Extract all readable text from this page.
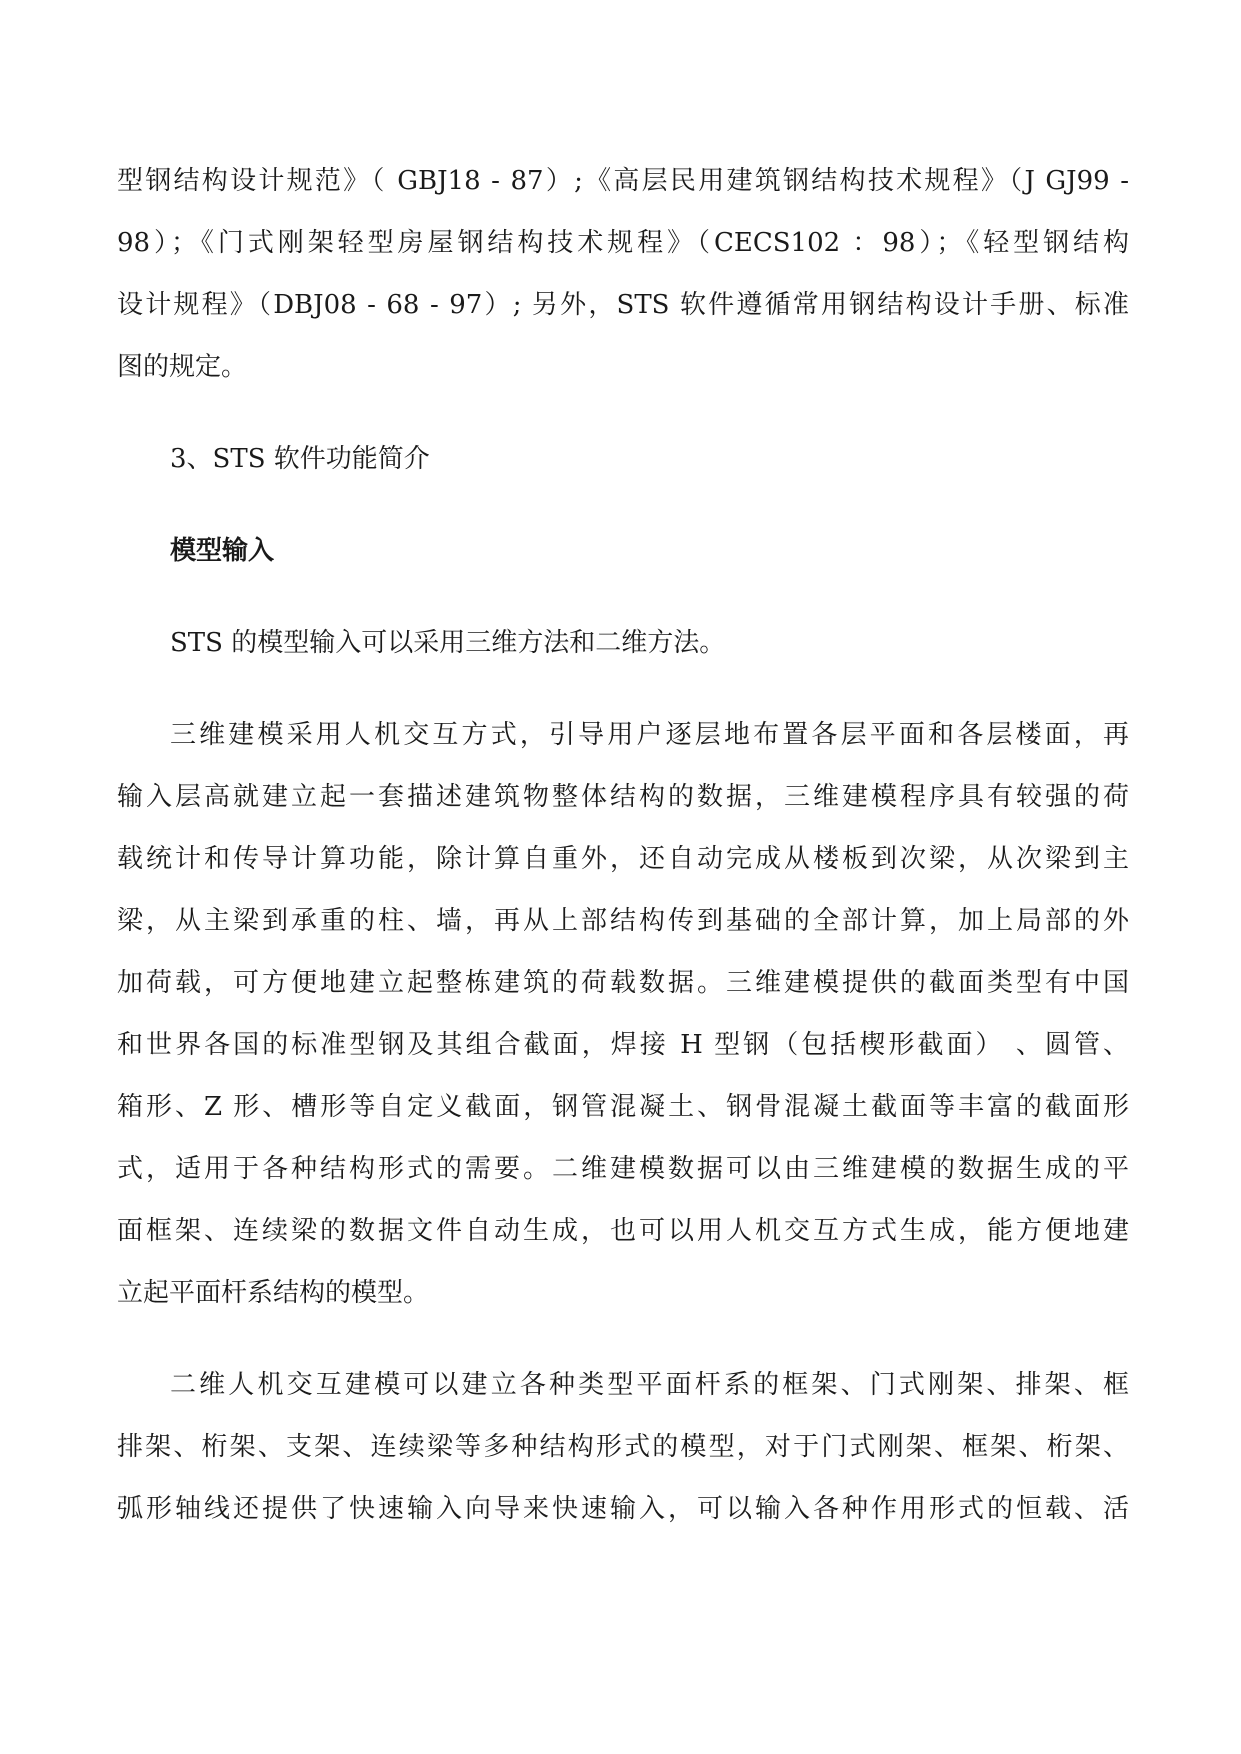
型钢结构设计规范》（ GBJ18 - 87）;《高层民用建筑钢结构技术规程》（J GJ99 -
98）；《门式刚架轻型房屋钢结构技术规程》（CECS102 ：98）；《轻型钢结构
设计规程》（DBJ08 - 68 - 97）; 另外，STS 软件遵循常用钢结构设计手册、标准
图的规定。
3、STS 软件功能简介
模型输入
STS 的模型输入可以采用三维方法和二维方法。
三维建模采用人机交互方式，引导用户逐层地布置各层平面和各层楼面，再
输入层高就建立起一套描述建筑物整体结构的数据，三维建模程序具有较强的荷
载统计和传导计算功能，除计算自重外，还自动完成从楼板到次梁，从次梁到主
梁，从主梁到承重的柱、墙，再从上部结构传到基础的全部计算，加上局部的外
加荷载，可方便地建立起整栋建筑的荷载数据。三维建模提供的截面类型有中国
和世界各国的标准型钢及其组合截面，焊接 H 型钢（包括楔形截面） 、圆管、
箱形、Z 形、槽形等自定义截面，钢管混凝土、钢骨混凝土截面等丰富的截面形
式，适用于各种结构形式的需要。二维建模数据可以由三维建模的数据生成的平
面框架、连续梁的数据文件自动生成，也可以用人机交互方式生成，能方便地建
立起平面杆系结构的模型。
二维人机交互建模可以建立各种类型平面杆系的框架、门式刚架、排架、框
排架、桁架、支架、连续梁等多种结构形式的模型，对于门式刚架、框架、桁架、
弧形轴线还提供了快速输入向导来快速输入，可以输入各种作用形式的恒载、活
